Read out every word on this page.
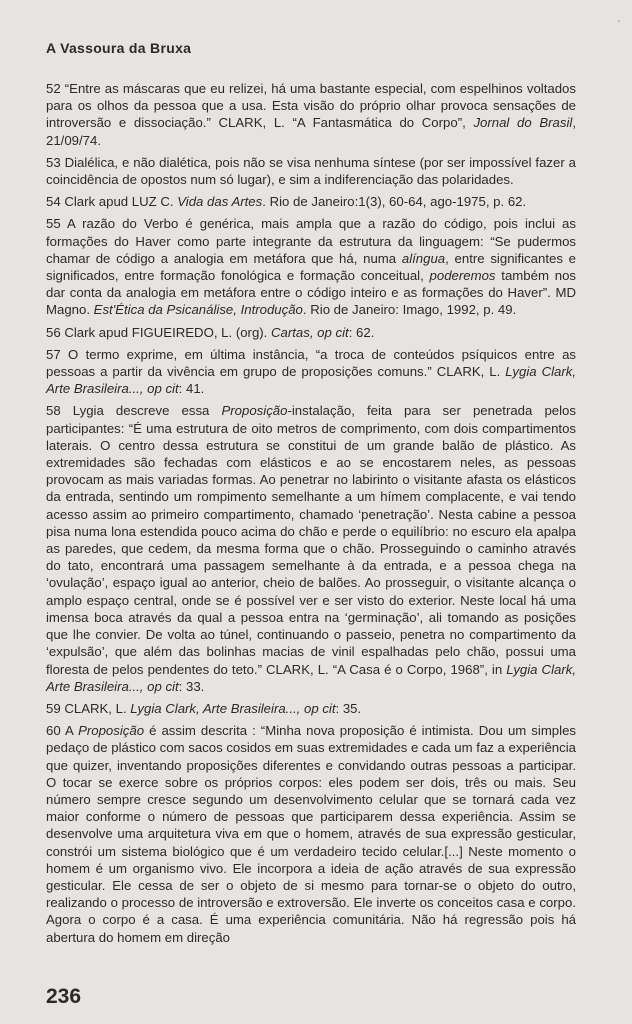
A Vassoura da Bruxa

52 “Entre as máscaras que eu relizei, há uma bastante especial, com espelhinos voltados para os olhos da pessoa que a usa. Esta visão do próprio olhar provoca sensações de introversão e dissociação.” CLARK, L. “A Fantasmática do Corpo”, Jornal do Brasil, 21/09/74.

53 Dialélica, e não dialética, pois não se visa nenhuma síntese (por ser impossível fazer a coincidência de opostos num só lugar), e sim a indiferenciação das polaridades.

54 Clark apud LUZ C. Vida das Artes. Rio de Janeiro:1(3), 60-64, ago-1975, p. 62.

55 A razão do Verbo é genérica, mais ampla que a razão do código, pois inclui as formações do Haver como parte integrante da estrutura da linguagem: “Se pudermos chamar de código a analogia em metáfora que há, numa alíngua, entre significantes e significados, entre formação fonológica e formação conceitual, poderemos também nos dar conta da analogia em metáfora entre o código inteiro e as formações do Haver”. MD Magno. Est'Ética da Psicanálise, Introdução. Rio de Janeiro: Imago, 1992, p. 49.

56 Clark apud FIGUEIREDO, L. (org). Cartas, op cit: 62.

57 O termo exprime, em última instância, “a troca de conteúdos psíquicos entre as pessoas a partir da vivência em grupo de proposições comuns.” CLARK, L. Lygia Clark, Arte Brasileira..., op cit: 41.

58 Lygia descreve essa Proposição-instalação, feita para ser penetrada pelos participantes: “É uma estrutura de oito metros de comprimento, com dois compartimentos laterais. O centro dessa estrutura se constitui de um grande balão de plástico. As extremidades são fechadas com elásticos e ao se encostarem neles, as pessoas provocam as mais variadas formas. Ao penetrar no labirinto o visitante afasta os elásticos da entrada, sentindo um rompimento semelhante a um hímem complacente, e vai tendo acesso assim ao primeiro compartimento, chamado ‘penetração’. Nesta cabine a pessoa pisa numa lona estendida pouco acima do chão e perde o equilíbrio: no escuro ela apalpa as paredes, que cedem, da mesma forma que o chão. Prosseguindo o caminho através do tato, encontrará uma passagem semelhante à da entrada, e a pessoa chega na ‘ovulação’, espaço igual ao anterior, cheio de balões. Ao prosseguir, o visitante alcança o amplo espaço central, onde se é possível ver e ser visto do exterior. Neste local há uma imensa boca através da qual a pessoa entra na ‘germinação’, ali tomando as posições que lhe convier. De volta ao túnel, continuando o passeio, penetra no compartimento da ‘expulsão’, que além das bolinhas macias de vinil espalhadas pelo chão, possui uma floresta de pelos pendentes do teto.” CLARK, L. “A Casa é o Corpo, 1968”, in Lygia Clark, Arte Brasileira..., op cit: 33.

59 CLARK, L. Lygia Clark, Arte Brasileira..., op cit: 35.

60 A Proposição é assim descrita : “Minha nova proposição é intimista. Dou um simples pedaço de plástico com sacos cosidos em suas extremidades e cada um faz a experiência que quizer, inventando proposições diferentes e convidando outras pessoas a participar. O tocar se exerce sobre os próprios corpos: eles podem ser dois, três ou mais. Seu número sempre cresce segundo um desenvolvimento celular que se tornará cada vez maior conforme o número de pessoas que participarem dessa experiência. Assim se desenvolve uma arquitetura viva em que o homem, através de sua expressão gesticular, constrói um sistema biológico que é um verdadeiro tecido celular.[...] Neste momento o homem é um organismo vivo. Ele incorpora a ideia de ação através de sua expressão gesticular. Ele cessa de ser o objeto de si mesmo para tornar-se o objeto do outro, realizando o processo de introversão e extroversão. Ele inverte os conceitos casa e corpo. Agora o corpo é a casa. É uma experiência comunitária. Não há regressão pois há abertura do homem em direção

236
